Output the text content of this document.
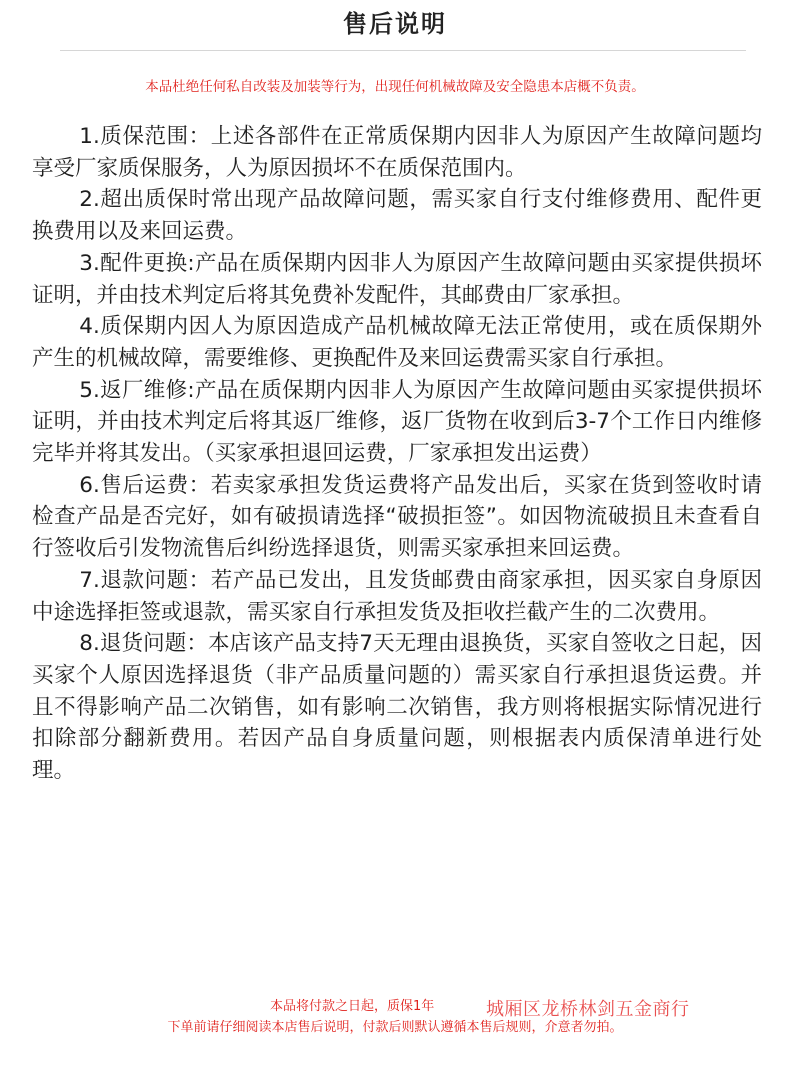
售后说明
本品杜绝任何私自改装及加装等行为，出现任何机械故障及安全隐患本店概不负责。

1.质保范围：上述各部件在正常质保期内因非人为原因产生故障问题均享受厂家质保服务，人为原因损坏不在质保范围内。

2.超出质保时常出现产品故障问题，需买家自行支付维修费用、配件更换费用以及来回运费。

3.配件更换:产品在质保期内因非人为原因产生故障问题由买家提供损坏证明，并由技术判定后将其免费补发配件，其邮费由厂家承担。

4.质保期内因人为原因造成产品机械故障无法正常使用，或在质保期外产生的机械故障，需要维修、更换配件及来回运费需买家自行承担。

5.返厂维修:产品在质保期内因非人为原因产生故障问题由买家提供损坏证明，并由技术判定后将其返厂维修，返厂货物在收到后3-7个工作日内维修完毕并将其发出。（买家承担退回运费，厂家承担发出运费）

6.售后运费：若卖家承担发货运费将产品发出后，买家在货到签收时请检查产品是否完好，如有破损请选择“破损拒签”。如因物流破损且未查看自行签收后引发物流售后纠纷选择退货，则需买家承担来回运费。

7.退款问题：若产品已发出，且发货邮费由商家承担，因买家自身原因中途选择拒签或退款，需买家自行承担发货及拒收拦截产生的二次费用。

8.退货问题：本店该产品支持7天无理由退换货，买家自签收之日起，因买家个人原因选择退货（非产品质量问题的）需买家自行承担退货运费。并且不得影响产品二次销售，如有影响二次销售，我方则将根据实际情况进行扣除部分翻新费用。若因产品自身质量问题，则根据表内质保清单进行处理。

本品将付款之日起，质保1年	城厢区龙桥林剑五金商行
下单前请仔细阅读本店售后说明，付款后则默认遵循本售后规则，介意者勿拍。
